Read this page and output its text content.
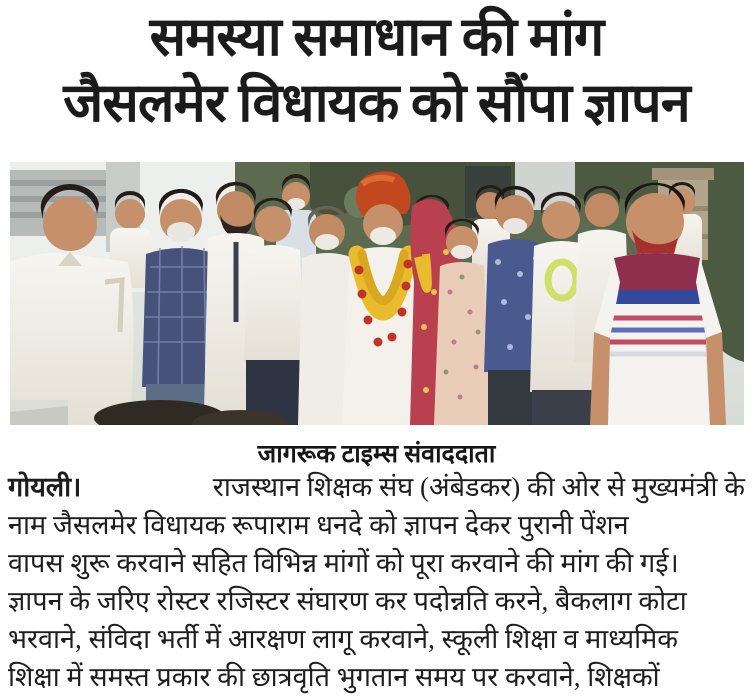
समस्या समाधान की मांग
जैसलमेर विधायक को सौंपा ज्ञापन
जागरूक टाइम्स संवाददाता
गोयली।	राजस्थान शिक्षक संघ (अंबेडकर) की ओर से मुख्यमंत्री के
नाम जैसलमेर विधायक रूपाराम धनदे को ज्ञापन देकर पुरानी पेंशन
वापस शुरू करवाने सहित विभिन्न मांगों को पूरा करवाने की मांग की गई।
ज्ञापन के जरिए रोस्टर रजिस्टर संघारण कर पदोन्नति करने, बैकलाग कोटा
भरवाने, संविदा भर्ती में आरक्षण लागू करवाने, स्कूली शिक्षा व माध्यमिक
शिक्षा में समस्त प्रकार की छात्रवृति भुगतान समय पर करवाने, शिक्षकों
